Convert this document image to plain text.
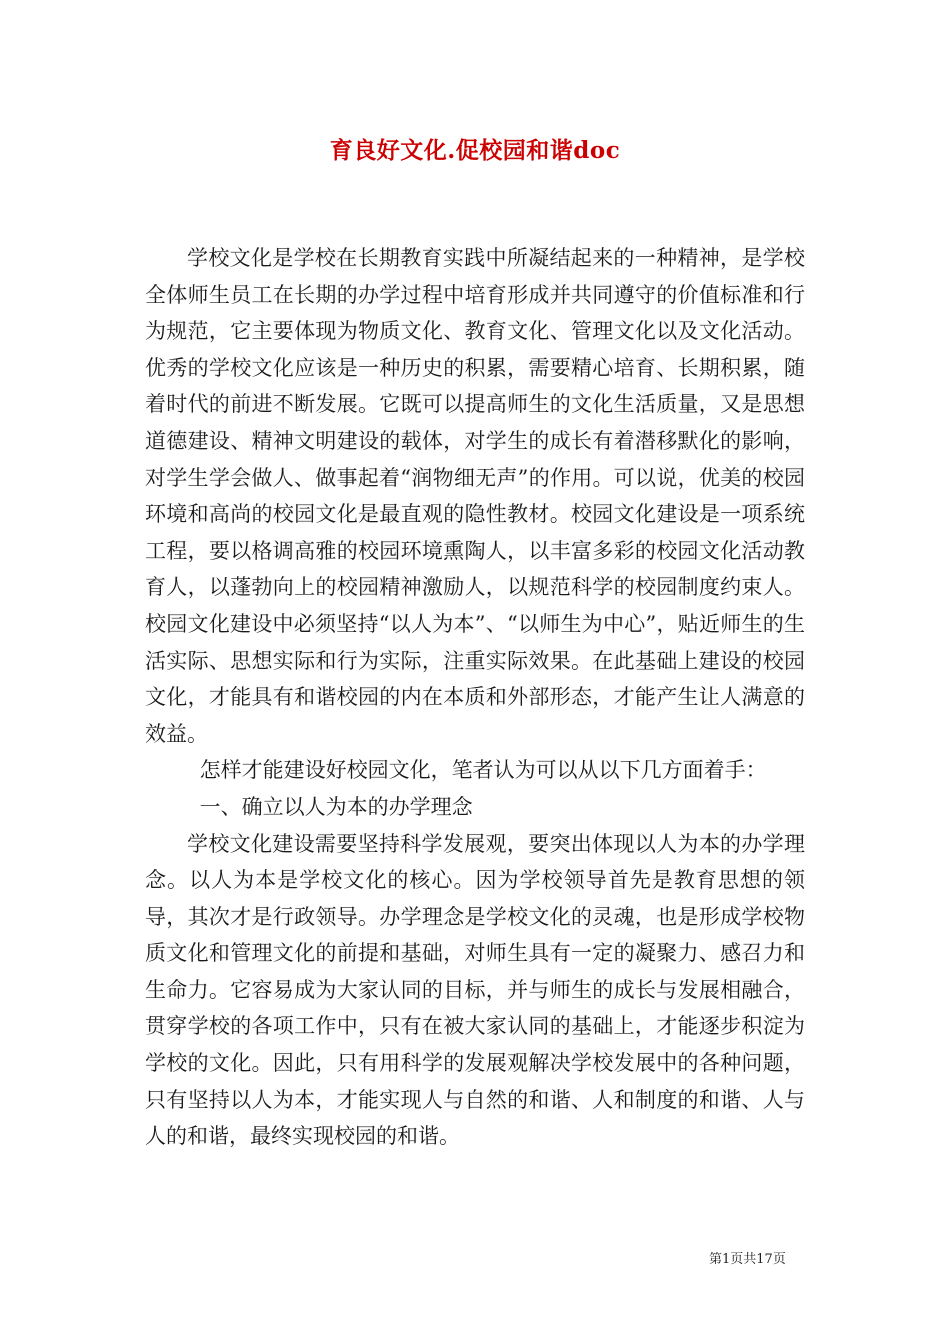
育良好文化.促校园和谐doc

学校文化是学校在长期教育实践中所凝结起来的一种精神，是学校全体师生员工在长期的办学过程中培育形成并共同遵守的价值标准和行为规范，它主要体现为物质文化、教育文化、管理文化以及文化活动。优秀的学校文化应该是一种历史的积累，需要精心培育、长期积累，随着时代的前进不断发展。它既可以提高师生的文化生活质量，又是思想道德建设、精神文明建设的载体，对学生的成长有着潜移默化的影响，对学生学会做人、做事起着“润物细无声”的作用。可以说，优美的校园环境和高尚的校园文化是最直观的隐性教材。校园文化建设是一项系统工程，要以格调高雅的校园环境熏陶人，以丰富多彩的校园文化活动教育人，以蓬勃向上的校园精神激励人，以规范科学的校园制度约束人。校园文化建设中必须坚持“以人为本”、“以师生为中心”，贴近师生的生活实际、思想实际和行为实际，注重实际效果。在此基础上建设的校园文化，才能具有和谐校园的内在本质和外部形态，才能产生让人满意的效益。

怎样才能建设好校园文化，笔者认为可以从以下几方面着手：

一、确立以人为本的办学理念

学校文化建设需要坚持科学发展观，要突出体现以人为本的办学理念。以人为本是学校文化的核心。因为学校领导首先是教育思想的领导，其次才是行政领导。办学理念是学校文化的灵魂，也是形成学校物质文化和管理文化的前提和基础，对师生具有一定的凝聚力、感召力和生命力。它容易成为大家认同的目标，并与师生的成长与发展相融合，贯穿学校的各项工作中，只有在被大家认同的基础上，才能逐步积淀为学校的文化。因此，只有用科学的发展观解决学校发展中的各种问题，只有坚持以人为本，才能实现人与自然的和谐、人和制度的和谐、人与人的和谐，最终实现校园的和谐。

第1页共17页
